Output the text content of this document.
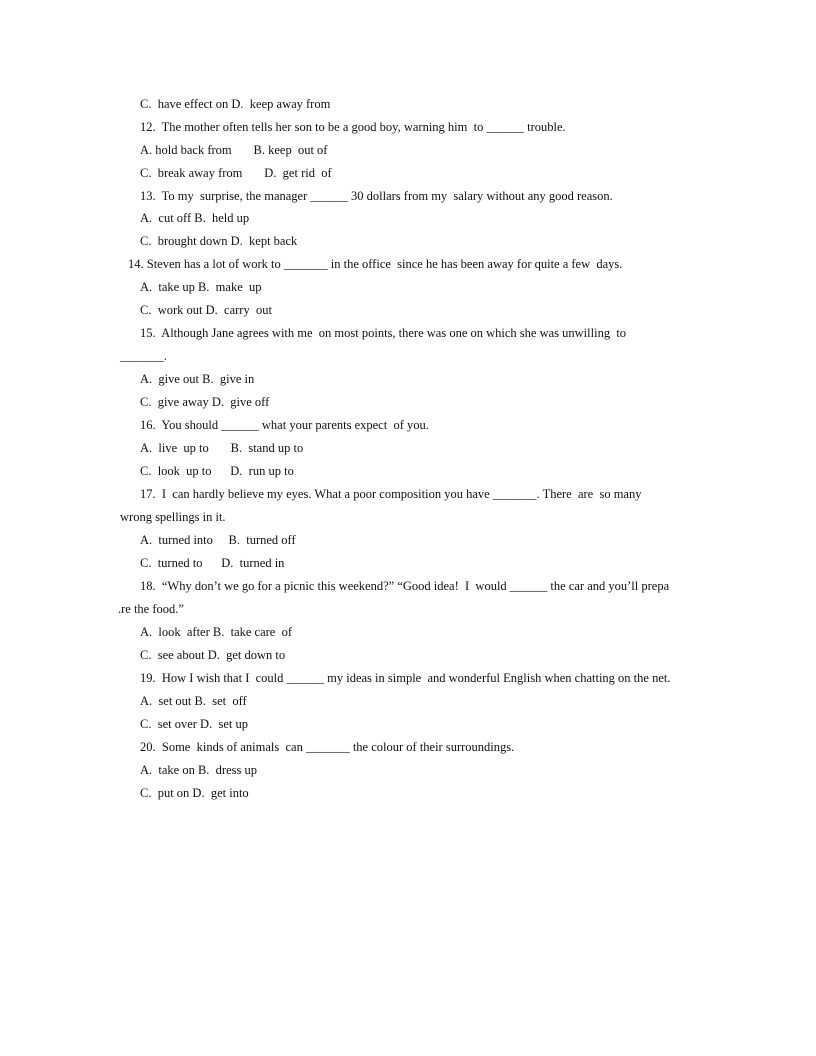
C.  have effect on D.  keep away from
12.  The mother often tells her son to be a good boy, warning him  to ______ trouble.
A. hold back from       B. keep  out of
C.  break away from       D.  get rid  of
13.  To my  surprise, the manager ______ 30 dollars from my  salary without any good reason.
A.  cut off B.  held up
C.  brought down D.  kept back
14. Steven has a lot of work to _______ in the office  since he has been away for quite a few  days.
A.  take up B.  make  up
C.  work out D.  carry  out
15.  Although Jane agrees with me  on most points, there was one on which she was unwilling  to
_______.
A.  give out B.  give in
C.  give away D.  give off
16.  You should ______ what your parents expect  of you.
A.  live  up to       B.  stand up to
C.  look  up to      D.  run up to
17.  I  can hardly believe my eyes. What a poor composition you have _______. There  are  so many
wrong spellings in it.
A.  turned into     B.  turned off
C.  turned to      D.  turned in
18.  “Why don’t we go for a picnic this weekend?” “Good idea!  I  would ______ the car and you’ll prepa
.re the food.”
A.  look  after B.  take care  of
C.  see about D.  get down to
19.  How I wish that I  could ______ my ideas in simple  and wonderful English when chatting on the net.
A.  set out B.  set  off
C.  set over D.  set up
20.  Some  kinds of animals  can _______ the colour of their surroundings.
A.  take on B.  dress up
C.  put on D.  get into
